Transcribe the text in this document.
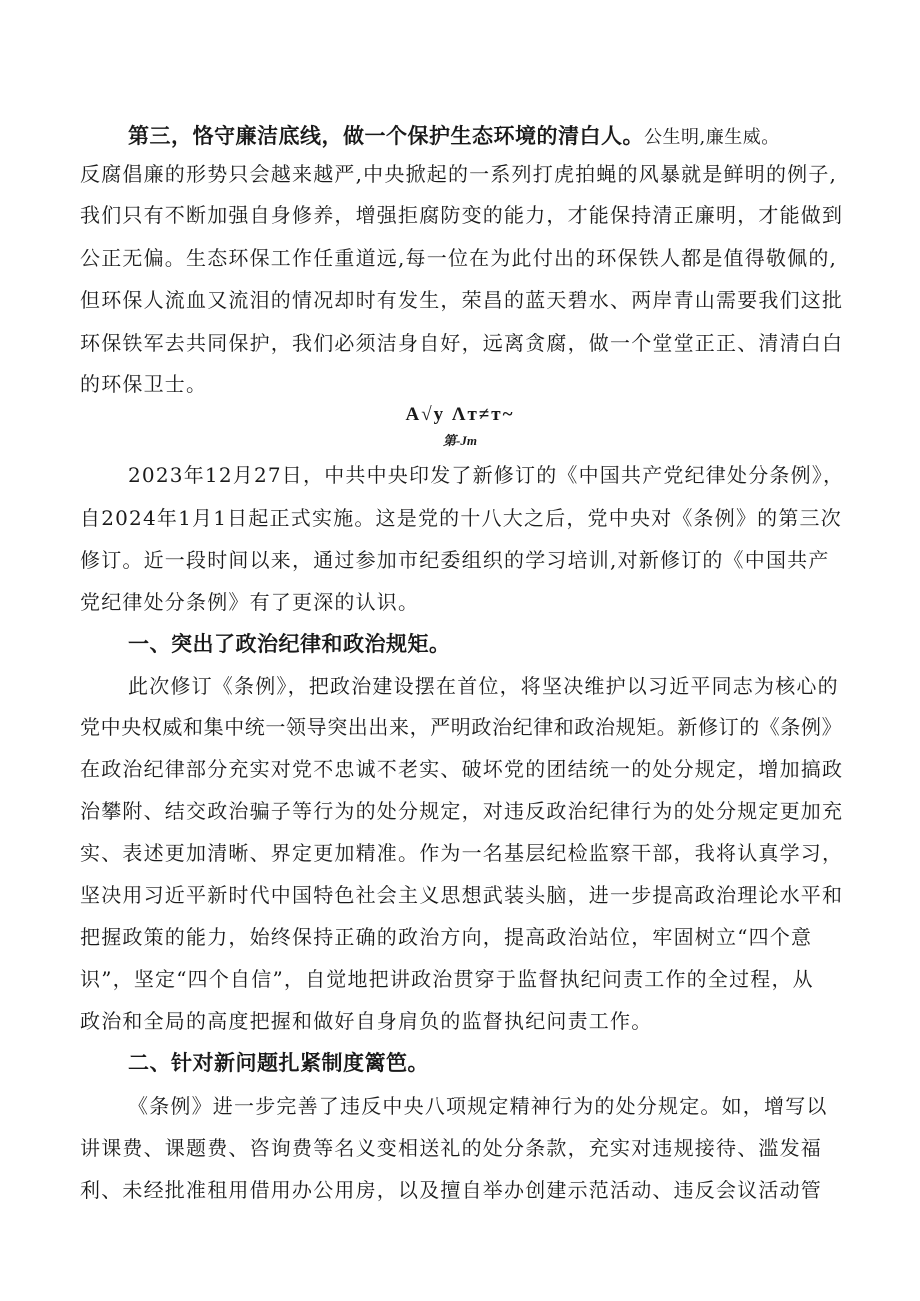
第三，恪守廉洁底线，做一个保护生态环境的清白人。公生明,廉生威。
反腐倡廉的形势只会越来越严,中央掀起的一系列打虎拍蝇的风暴就是鲜明的例子,
我们只有不断加强自身修养，增强拒腐防变的能力，才能保持清正廉明，才能做到
公正无偏。生态环保工作任重道远,每一位在为此付出的环保铁人都是值得敬佩的,
但环保人流血又流泪的情况却时有发生，荣昌的蓝天碧水、两岸青山需要我们这批
环保铁军去共同保护，我们必须洁身自好，远离贪腐，做一个堂堂正正、清清白白
的环保卫士。
A√y Λт≠т~
第-Jm
2023年12月27日，中共中央印发了新修订的《中国共产党纪律处分条例》，
自2024年1月1日起正式实施。这是党的十八大之后，党中央对《条例》的第三次
修订。近一段时间以来，通过参加市纪委组织的学习培训,对新修订的《中国共产
党纪律处分条例》有了更深的认识。
一、突出了政治纪律和政治规矩。
此次修订《条例》，把政治建设摆在首位，将坚决维护以习近平同志为核心的
党中央权威和集中统一领导突出出来，严明政治纪律和政治规矩。新修订的《条例》
在政治纪律部分充实对党不忠诚不老实、破坏党的团结统一的处分规定，增加搞政
治攀附、结交政治骗子等行为的处分规定，对违反政治纪律行为的处分规定更加充
实、表述更加清晰、界定更加精准。作为一名基层纪检监察干部，我将认真学习，
坚决用习近平新时代中国特色社会主义思想武装头脑，进一步提高政治理论水平和
把握政策的能力，始终保持正确的政治方向，提高政治站位，牢固树立“四个意
识”，坚定“四个自信”，自觉地把讲政治贯穿于监督执纪问责工作的全过程，从
政治和全局的高度把握和做好自身肩负的监督执纪问责工作。
二、针对新问题扎紧制度篱笆。
《条例》进一步完善了违反中央八项规定精神行为的处分规定。如，增写以
讲课费、课题费、咨询费等名义变相送礼的处分条款，充实对违规接待、滥发福
利、未经批准租用借用办公用房，以及擅自举办创建示范活动、违反会议活动管
